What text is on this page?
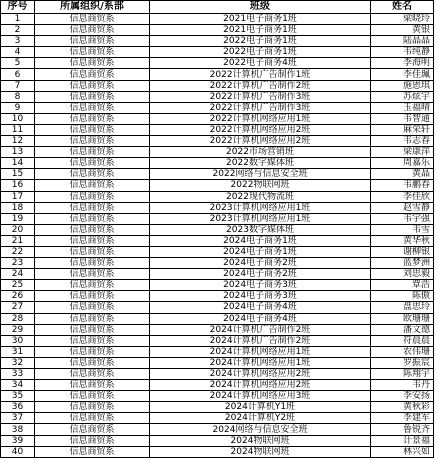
序号	所属组织/系部	班级	姓名
1	信息商贸系	2021电子商务1班	梁晓玲
2	信息商贸系	2021电子商务1班	黄银
3	信息商贸系	2022电子商务1班	陆晶晶
4	信息商贸系	2022电子商务1班	韦纯静
5	信息商贸系	2022电子商务4班	李海明
6	信息商贸系	2022计算机广告制作1班	李佳珮
7	信息商贸系	2022计算机广告制作2班	施恩琪
8	信息商贸系	2022计算机广告制作3班	苏炫宇
9	信息商贸系	2022计算机广告制作3班	玉福晴
10	信息商贸系	2022计算机网络应用1班	韦智通
11	信息商贸系	2022计算机网络应用2班	麻荣轩
12	信息商贸系	2022计算机网络应用2班	韦志春
13	信息商贸系	2022市场营销班	梁康萍
14	信息商贸系	2022数字媒体班	周嘉乐
15	信息商贸系	2022网络与信息安全班	黄晶
16	信息商贸系	2022物联网班	韦鹏春
17	信息商贸系	2022现代物流班	李佳欣
18	信息商贸系	2023计算机网络应用1班	赵雪静
19	信息商贸系	2023计算机网络应用1班	韦宇强
20	信息商贸系	2023数字媒体班	韦雪
21	信息商贸系	2024电子商务1班	黄华秋
22	信息商贸系	2024电子商务1班	谢柳银
23	信息商贸系	2024电子商务2班	蓝梦洲
24	信息商贸系	2024电子商务2班	刘思毅
25	信息商贸系	2024电子商务3班	覃浩
26	信息商贸系	2024电子商务3班	陈傲
27	信息商贸系	2024电子商务4班	盘思玲
28	信息商贸系	2024电子商务4班	欧珊珊
29	信息商贸系	2024计算机广告制作2班	潘文德
30	信息商贸系	2024计算机广告制作2班	符晨晨
31	信息商贸系	2024计算机网络应用1班	农伟珊
32	信息商贸系	2024计算机网络应用1班	罗振宸
33	信息商贸系	2024计算机网络应用2班	陈翔宇
34	信息商贸系	2024计算机网络应用2班	韦丹
35	信息商贸系	2024计算机网络应用3班	李安扬
36	信息商贸系	2024计算机Y1班	黄秋彩
37	信息商贸系	2024计算机Y2班	李建军
38	信息商贸系	2024网络与信息安全班	鲁锐齐
39	信息商贸系	2024物联网班	计景福
40	信息商贸系	2024物联网班	林兴如
